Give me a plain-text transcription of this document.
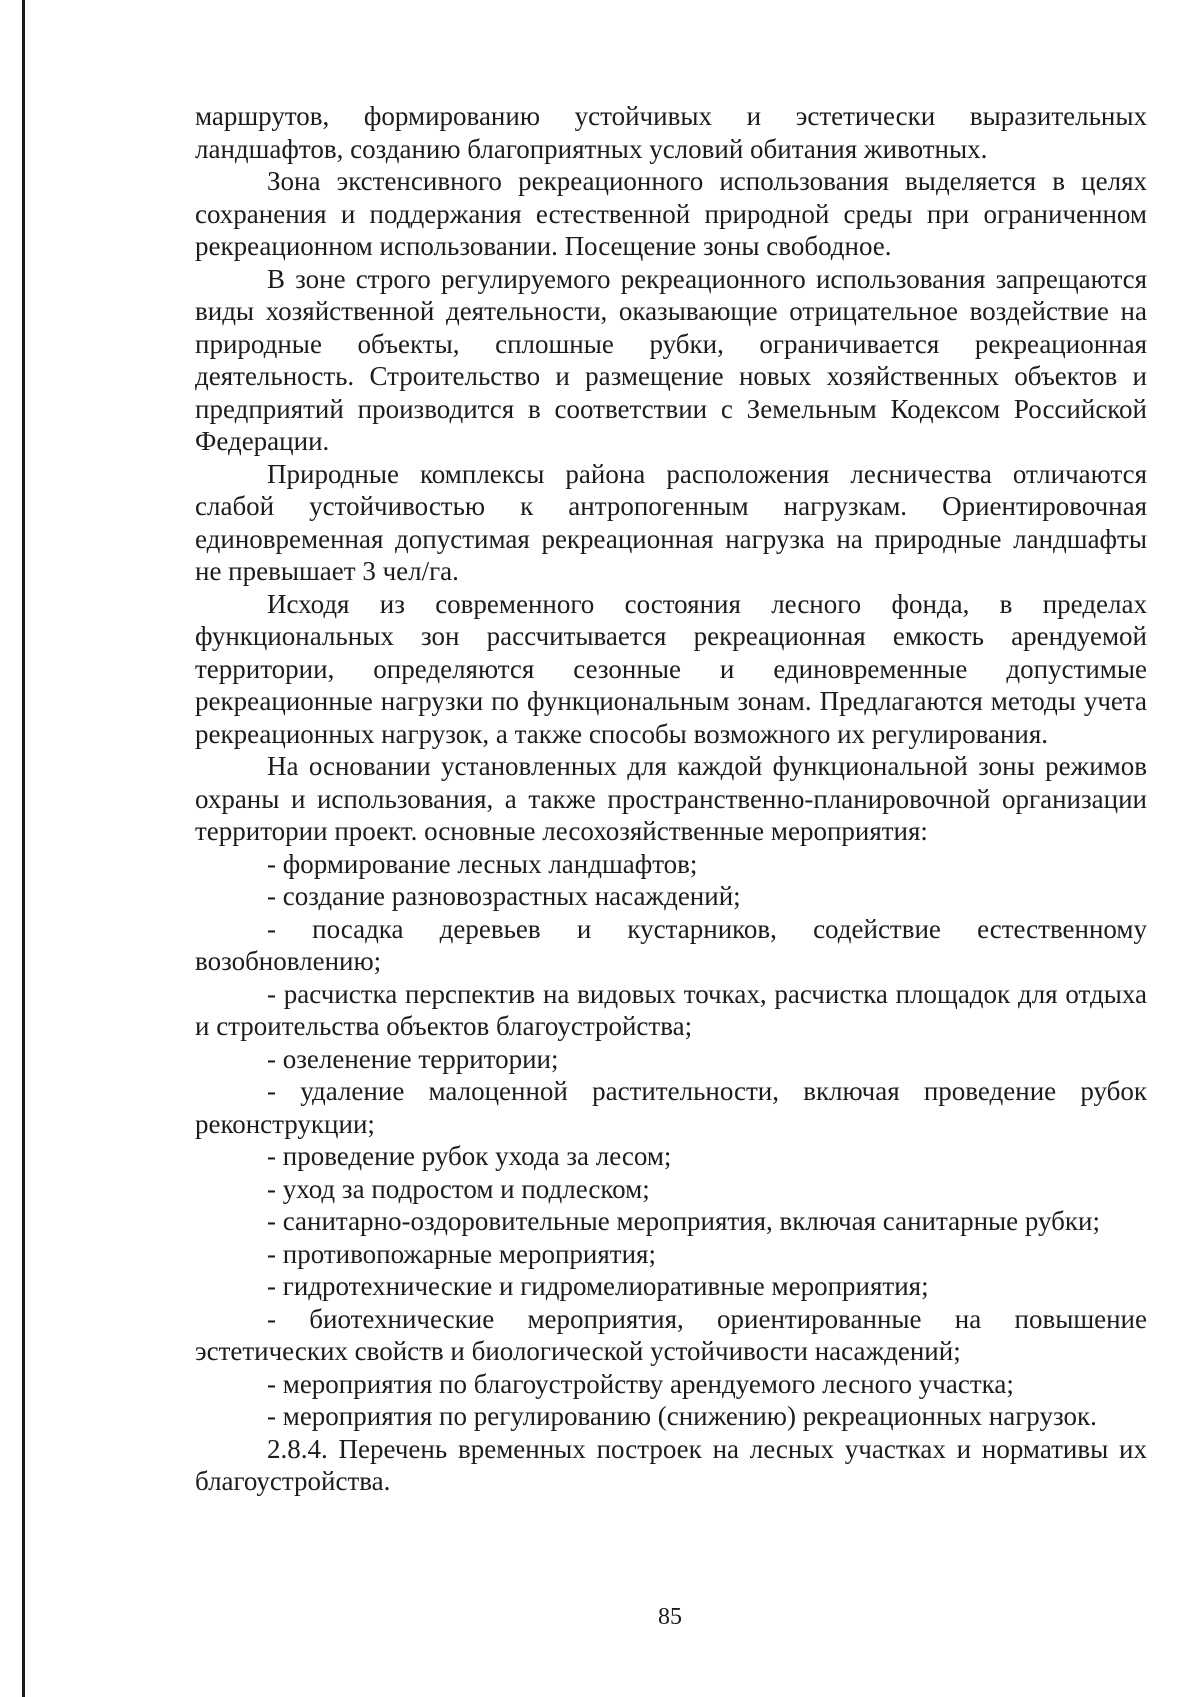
маршрутов, формированию устойчивых и эстетически выразительных ландшафтов, созданию благоприятных условий обитания животных.

Зона экстенсивного рекреационного использования выделяется в целях сохранения и поддержания естественной природной среды при ограниченном рекреационном использовании. Посещение зоны свободное.

В зоне строго регулируемого рекреационного использования запрещаются виды хозяйственной деятельности, оказывающие отрицательное воздействие на природные объекты, сплошные рубки, ограничивается рекреационная деятельность. Строительство и размещение новых хозяйственных объектов и предприятий производится в соответствии с Земельным Кодексом Российской Федерации.

Природные комплексы района расположения лесничества отличаются слабой устойчивостью к антропогенным нагрузкам. Ориентировочная единовременная допустимая рекреационная нагрузка на природные ландшафты не превышает 3 чел/га.

Исходя из современного состояния лесного фонда, в пределах функциональных зон рассчитывается рекреационная емкость арендуемой территории, определяются сезонные и единовременные допустимые рекреационные нагрузки по функциональным зонам. Предлагаются методы учета рекреационных нагрузок, а также способы возможного их регулирования.

На основании установленных для каждой функциональной зоны режимов охраны и использования, а также пространственно-планировочной организации территории проект. основные лесохозяйственные мероприятия:

- формирование лесных ландшафтов;
- создание разновозрастных насаждений;
- посадка деревьев и кустарников, содействие естественному возобновлению;
- расчистка перспектив на видовых точках, расчистка площадок для отдыха и строительства объектов благоустройства;
- озеленение территории;
- удаление малоценной растительности, включая проведение рубок реконструкции;
- проведение рубок ухода за лесом;
- уход за подростом и подлеском;
- санитарно-оздоровительные мероприятия, включая санитарные рубки;
- противопожарные мероприятия;
- гидротехнические и гидромелиоративные мероприятия;
- биотехнические мероприятия, ориентированные на повышение эстетических свойств и биологической устойчивости насаждений;
- мероприятия по благоустройству арендуемого лесного участка;
- мероприятия по регулированию (снижению) рекреационных нагрузок.

2.8.4. Перечень временных построек на лесных участках и нормативы их благоустройства.

85
